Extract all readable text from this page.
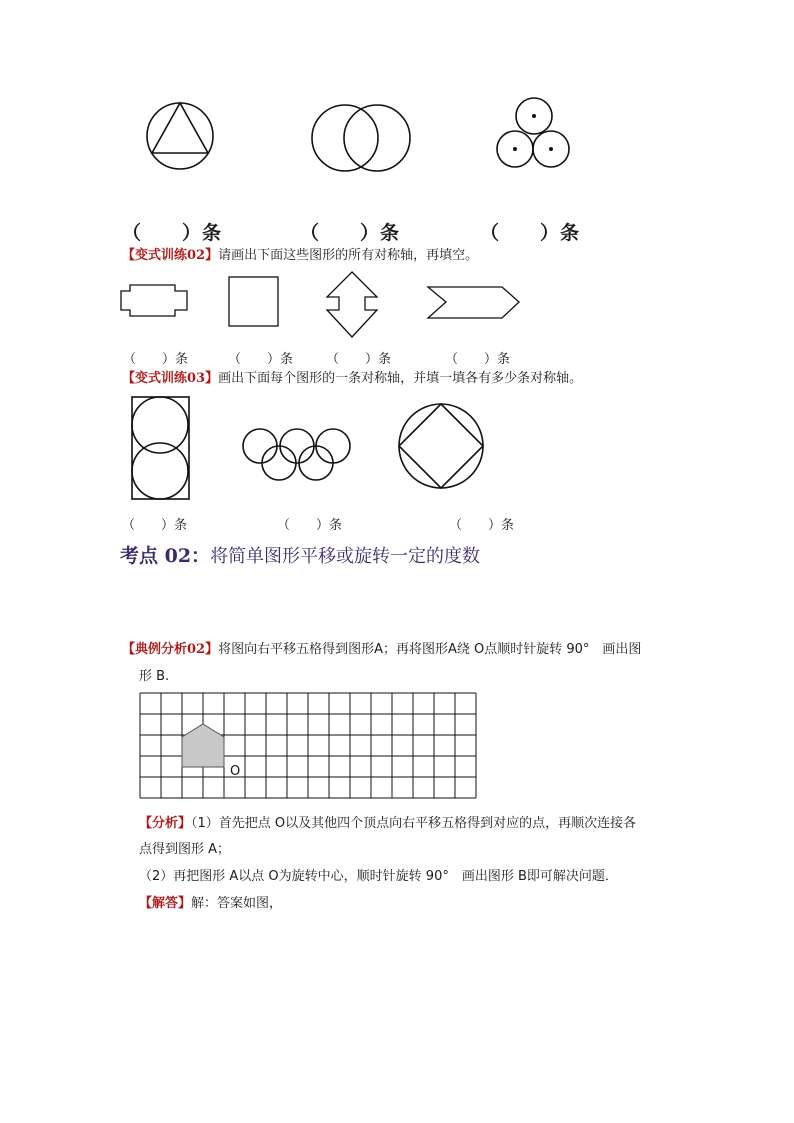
（　　）条	（　　）条	（　　）条
【变式训练02】请画出下面这些图形的所有对称轴，再填空。
（　　）条	（　　）条	（　　）条	（　　）条
【变式训练03】画出下面每个图形的一条对称轴，并填一填各有多少条对称轴。
（　　）条	（　　）条	（　　）条
考点 02：将简单图形平移或旋转一定的度数
【典例分析02】将图向右平移五格得到图形A；再将图形A绕 O点顺时针旋转 90°　画出图
形 B.
O
【分析】（1）首先把点 O以及其他四个顶点向右平移五格得到对应的点，再顺次连接各
点得到图形 A；
（2）再把图形 A以点 O为旋转中心，顺时针旋转 90°　画出图形 B即可解决问题．
【解答】解：答案如图，
